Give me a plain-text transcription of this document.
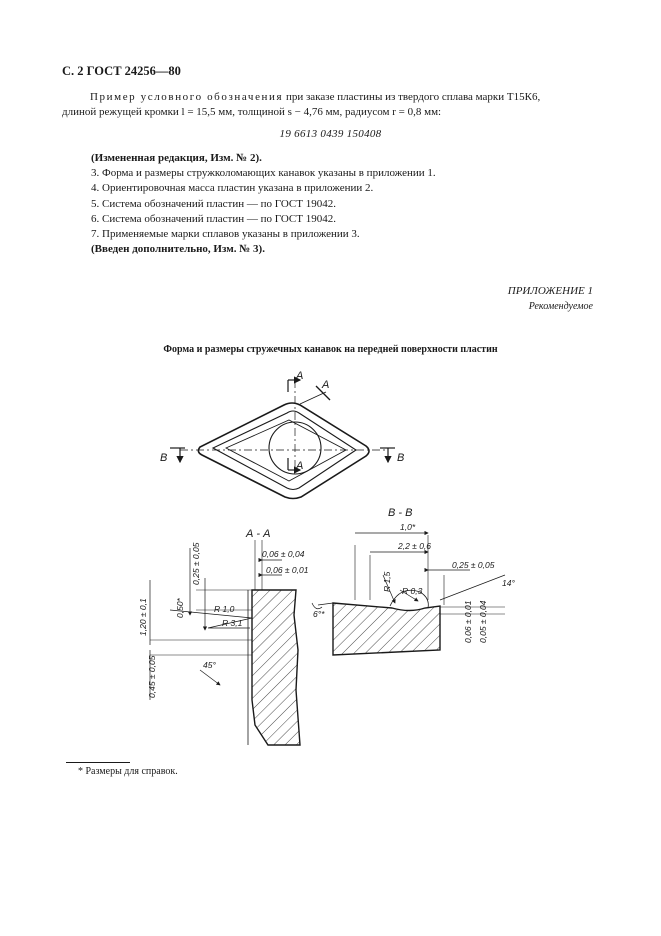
С. 2 ГОСТ 24256—80
Пример условного обозначения при заказе пластины из твердого сплава марки Т15К6,
длиной режущей кромки l = 15,5 мм, толщиной s − 4,76 мм, радиусом r = 0,8 мм:
19 6613 0439 150408
(Измененная редакция, Изм. № 2).
3. Форма и размеры стружколомающих канавок указаны в приложении 1.
4. Ориентировочная масса пластин указана в приложении 2.
5. Система обозначений пластин — по ГОСТ 19042.
6. Система обозначений пластин — по ГОСТ 19042.
7. Применяемые марки сплавов указаны в приложении 3.
(Введен дополнительно, Изм. № 3).
ПРИЛОЖЕНИЕ 1
Рекомендуемое
Форма и размеры стружечных канавок на передней поверхности пластин
A
A
A
B	B
А - А
0,06 ± 0,04
0,06 ± 0,01
0,25 ± 0,05
0,50*	R 1,0
R 3,1
1,20 ± 0,1
0,45 ± 0,05	45°
В - В
1,0*
2,2 ± 0,6
0,25 ± 0,05
R 1,5 R 0,3
6°*
14°
0,06 ± 0,01 0,05 ± 0,04
* Размеры для справок.
